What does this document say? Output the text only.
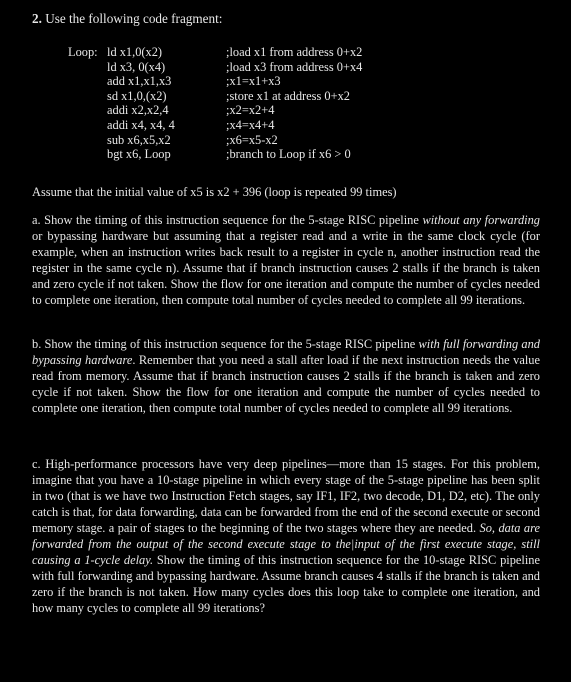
2. Use the following code fragment:
Loop: ld x1,0(x2)	;load x1 from address 0+x2
ld x3, 0(x4)	;load x3 from address 0+x4
add x1,x1,x3	;x1=x1+x3
sd x1,0,(x2)	;store x1 at address 0+x2
addi x2,x2,4	;x2=x2+4
addi x4, x4, 4	;x4=x4+4
sub x6,x5,x2	;x6=x5-x2
bgt x6, Loop	;branch to Loop if x6 > 0
Assume that the initial value of x5 is x2 + 396 (loop is repeated 99 times)
a. Show the timing of this instruction sequence for the 5-stage RISC pipeline without any forwarding or bypassing hardware but assuming that a register read and a write in the same clock cycle (for example, when an instruction writes back result to a register in cycle n, another instruction read the register in the same cycle n). Assume that if branch instruction causes 2 stalls if the branch is taken and zero cycle if not taken. Show the flow for one iteration and compute the number of cycles needed to complete one iteration, then compute total number of cycles needed to complete all 99 iterations.
b. Show the timing of this instruction sequence for the 5-stage RISC pipeline with full forwarding and bypassing hardware. Remember that you need a stall after load if the next instruction needs the value read from memory. Assume that if branch instruction causes 2 stalls if the branch is taken and zero cycle if not taken. Show the flow for one iteration and compute the number of cycles needed to complete one iteration, then compute total number of cycles needed to complete all 99 iterations.
c. High-performance processors have very deep pipelines—more than 15 stages. For this problem, imagine that you have a 10-stage pipeline in which every stage of the 5-stage pipeline has been split in two (that is we have two Instruction Fetch stages, say IF1, IF2, two decode, D1, D2, etc). The only catch is that, for data forwarding, data can be forwarded from the end of the second execute or second memory stage. a pair of stages to the beginning of the two stages where they are needed. So, data are forwarded from the output of the second execute stage to the|input of the first execute stage, still causing a 1-cycle delay. Show the timing of this instruction sequence for the 10-stage RISC pipeline with full forwarding and bypassing hardware. Assume branch causes 4 stalls if the branch is taken and zero if the branch is not taken. How many cycles does this loop take to complete one iteration, and how many cycles to complete all 99 iterations?
